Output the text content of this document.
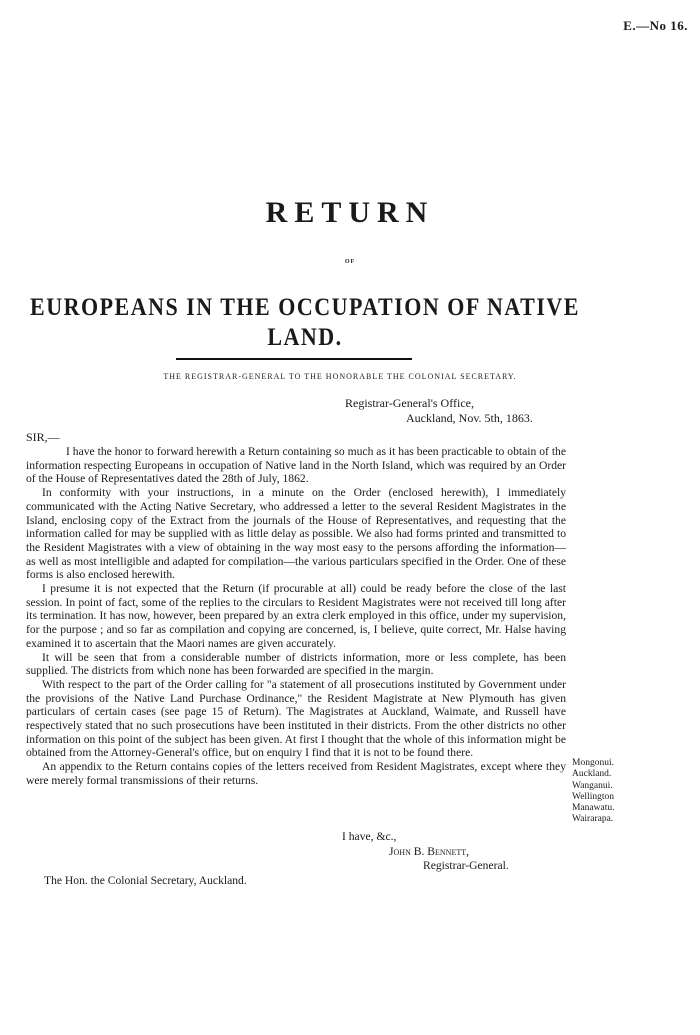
E.—No 16.
RETURN
OF
EUROPEANS IN THE OCCUPATION OF NATIVE LAND.
THE REGISTRAR-GENERAL TO THE HONORABLE THE COLONIAL SECRETARY.
Registrar-General's Office,
Auckland, Nov. 5th, 1863.
SIR,—

I have the honor to forward herewith a Return containing so much as it has been practicable to obtain of the information respecting Europeans in occupation of Native land in the North Island, which was required by an Order of the House of Representatives dated the 28th of July, 1862.

In conformity with your instructions, in a minute on the Order (enclosed herewith), I immediately communicated with the Acting Native Secretary, who addressed a letter to the several Resident Magistrates in the Island, enclosing copy of the Extract from the journals of the House of Representatives, and requesting that the information called for may be supplied with as little delay as possible. We also had forms printed and transmitted to the Resident Magistrates with a view of obtaining in the way most easy to the persons affording the information—as well as most intelligible and adapted for compilation—the various particulars specified in the Order. One of these forms is also enclosed herewith.

I presume it is not expected that the Return (if procurable at all) could be ready before the close of the last session. In point of fact, some of the replies to the circulars to Resident Magistrates were not received till long after its termination. It has now, however, been prepared by an extra clerk employed in this office, under my supervision, for the purpose ; and so far as compilation and copying are concerned, is, I believe, quite correct, Mr. Halse having examined it to ascertain that the Maori names are given accurately.

It will be seen that from a considerable number of districts information, more or less complete, has been supplied. The districts from which none has been forwarded are specified in the margin.

With respect to the part of the Order calling for "a statement of all prosecutions instituted by Government under the provisions of the Native Land Purchase Ordinance," the Resident Magistrate at New Plymouth has given particulars of certain cases (see page 15 of Return). The Magistrates at Auckland, Waimate, and Russell have respectively stated that no such prosecutions have been instituted in their districts. From the other districts no other information on this point of the subject has been given. At first I thought that the whole of this information might be obtained from the Attorney-General's office, but on enquiry I find that it is not to be found there.

An appendix to the Return contains copies of the letters received from Resident Magistrates, except where they were merely formal transmissions of their returns.

Mongonui.
Auckland.
Wanganui.
Wellington
Manawatu.
Wairarapa.
I have, &c.,
John B. Bennett,
Registrar-General.
The Hon. the Colonial Secretary, Auckland.
